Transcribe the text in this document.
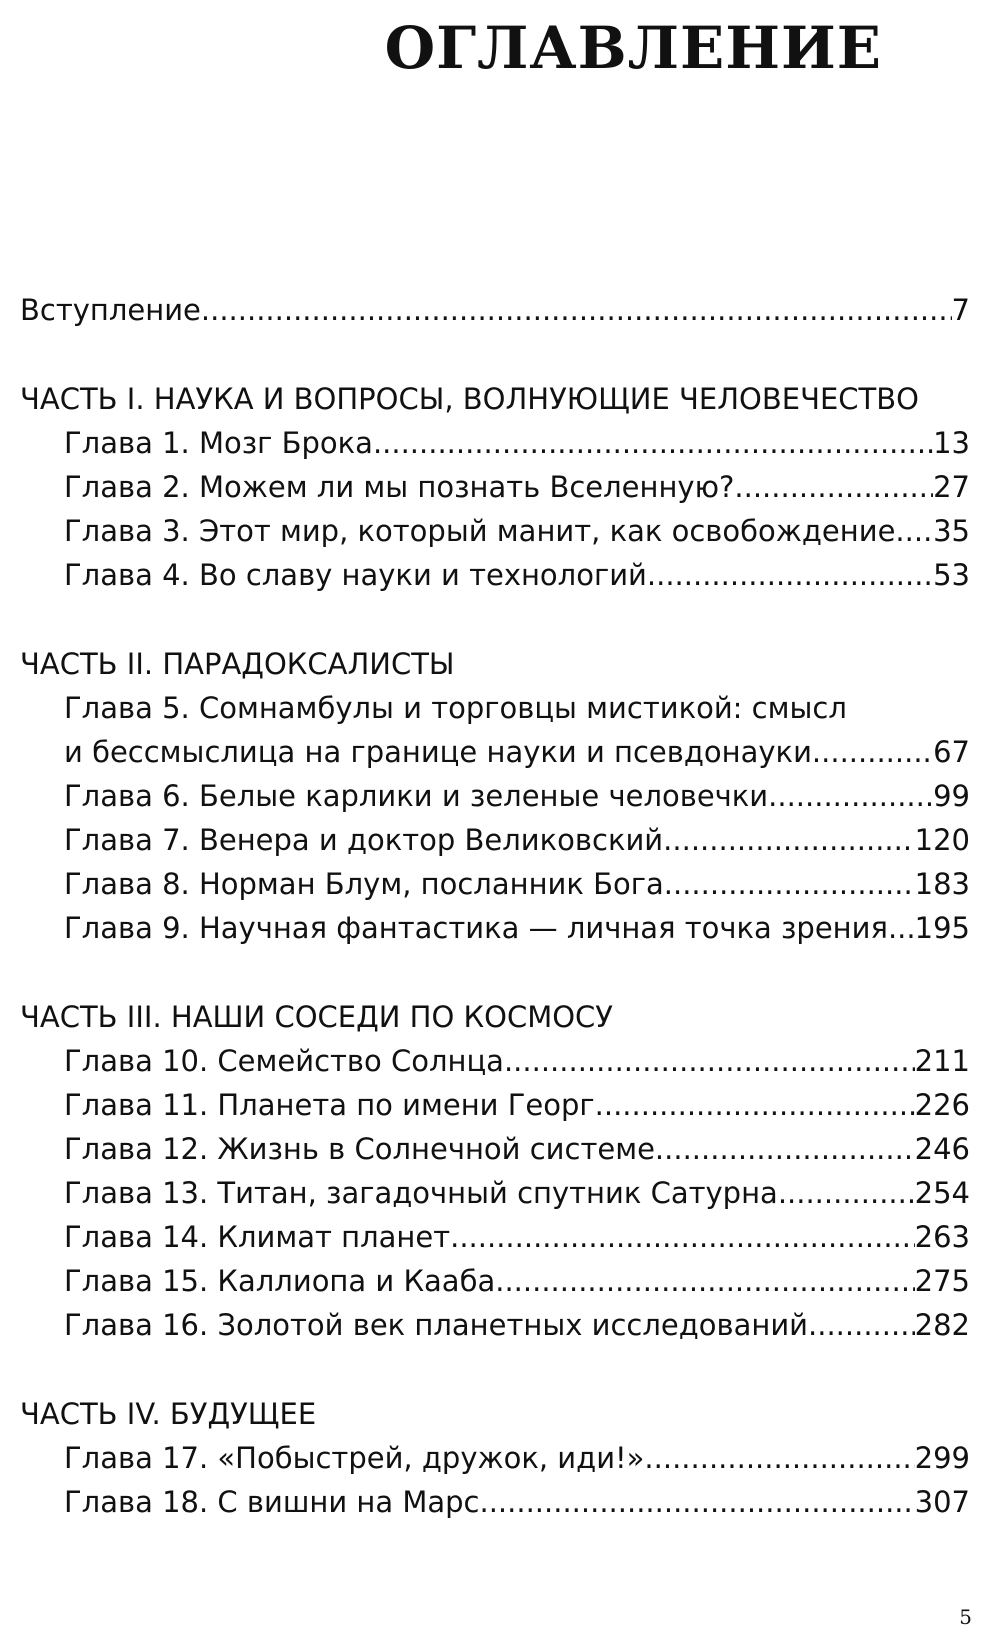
ОГЛАВЛЕНИЕ
Вступление .....	7
ЧАСТЬ I. НАУКА И ВОПРОСЫ, ВОЛНУЮЩИЕ ЧЕЛОВЕЧЕСТВО
Глава 1. Мозг Брока .....	13
Глава 2. Можем ли мы познать Вселенную? .....	27
Глава 3. Этот мир, который манит, как освобождение ..... 35
Глава 4. Во славу науки и технологий .....	53
ЧАСТЬ II. ПАРАДОКСАЛИСТЫ
Глава 5. Сомнамбулы и торговцы мистикой: смысл
и бессмыслица на границе науки и псевдонауки .....	67
Глава 6. Белые карлики и зеленые человечки .....	99
Глава 7. Венера и доктор Великовский .....	120
Глава 8. Норман Блум, посланник Бога .....	183
Глава 9. Научная фантастика — личная точка зрения ..... 195
ЧАСТЬ III. НАШИ СОСЕДИ ПО КОСМОСУ
Глава 10. Семейство Солнца .....	211
Глава 11. Планета по имени Георг .....	226
Глава 12. Жизнь в Солнечной системе .....	246
Глава 13. Титан, загадочный спутник Сатурна .....	254
Глава 14. Климат планет .....	263
Глава 15. Каллиопа и Кааба .....	275
Глава 16. Золотой век планетных исследований .....	282
ЧАСТЬ IV. БУДУЩЕЕ
Глава 17. «Побыстрей, дружок, иди!» .....	299
Глава 18. С вишни на Марс .....	307
5
